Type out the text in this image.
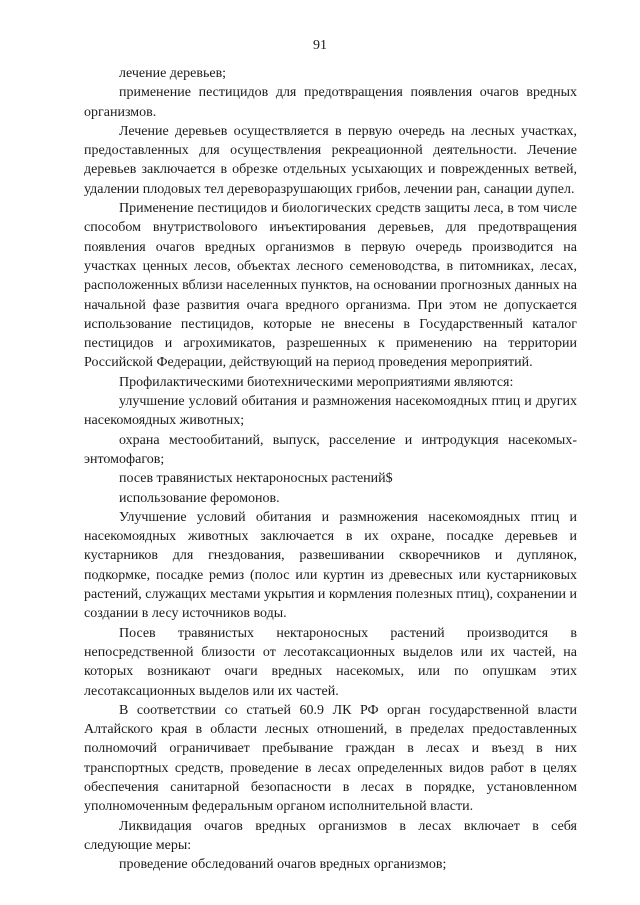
91

лечение деревьев;

применение пестицидов для предотвращения появления очагов вредных организмов.

Лечение деревьев осуществляется в первую очередь на лесных участках, предоставленных для осуществления рекреационной деятельности. Лечение деревьев заключается в обрезке отдельных усыхающих и поврежденных ветвей, удалении плодовых тел дереворазрушающих грибов, лечении ран, санации дупел.

Применение пестицидов и биологических средств защиты леса, в том числе способом внутриствolового инъектирования деревьев, для предотвращения появления очагов вредных организмов в первую очередь производится на участках ценных лесов, объектах лесного семеноводства, в питомниках, лесах, расположенных вблизи населенных пунктов, на основании прогнозных данных на начальной фазе развития очага вредного организма. При этом не допускается использование пестицидов, которые не внесены в Государственный каталог пестицидов и агрохимикатов, разрешенных к применению на территории Российской Федерации, действующий на период проведения мероприятий.

Профилактическими биотехническими мероприятиями являются:

улучшение условий обитания и размножения насекомоядных птиц и других насекомоядных животных;

охрана местообитаний, выпуск, расселение и интродукция насекомых-энтомофагов;

посев травянистых нектароносных растений$

использование феромонов.

Улучшение условий обитания и размножения насекомоядных птиц и насекомоядных животных заключается в их охране, посадке деревьев и кустарников для гнездования, развешивании скворечников и дуплянок, подкормке, посадке ремиз (полос или куртин из древесных или кустарниковых растений, служащих местами укрытия и кормления полезных птиц), сохранении и создании в лесу источников воды.

Посев травянистых нектароносных растений производится в непосредственной близости от лесотаксационных выделов или их частей, на которых возникают очаги вредных насекомых, или по опушкам этих лесотаксационных выделов или их частей.

В соответствии со статьей 60.9 ЛК РФ орган государственной власти Алтайского края в области лесных отношений, в пределах предоставленных полномочий ограничивает пребывание граждан в лесах и въезд в них транспортных средств, проведение в лесах определенных видов работ в целях обеспечения санитарной безопасности в лесах в порядке, установленном уполномоченным федеральным органом исполнительной власти.

Ликвидация очагов вредных организмов в лесах включает в себя следующие меры:

проведение обследований очагов вредных организмов;
